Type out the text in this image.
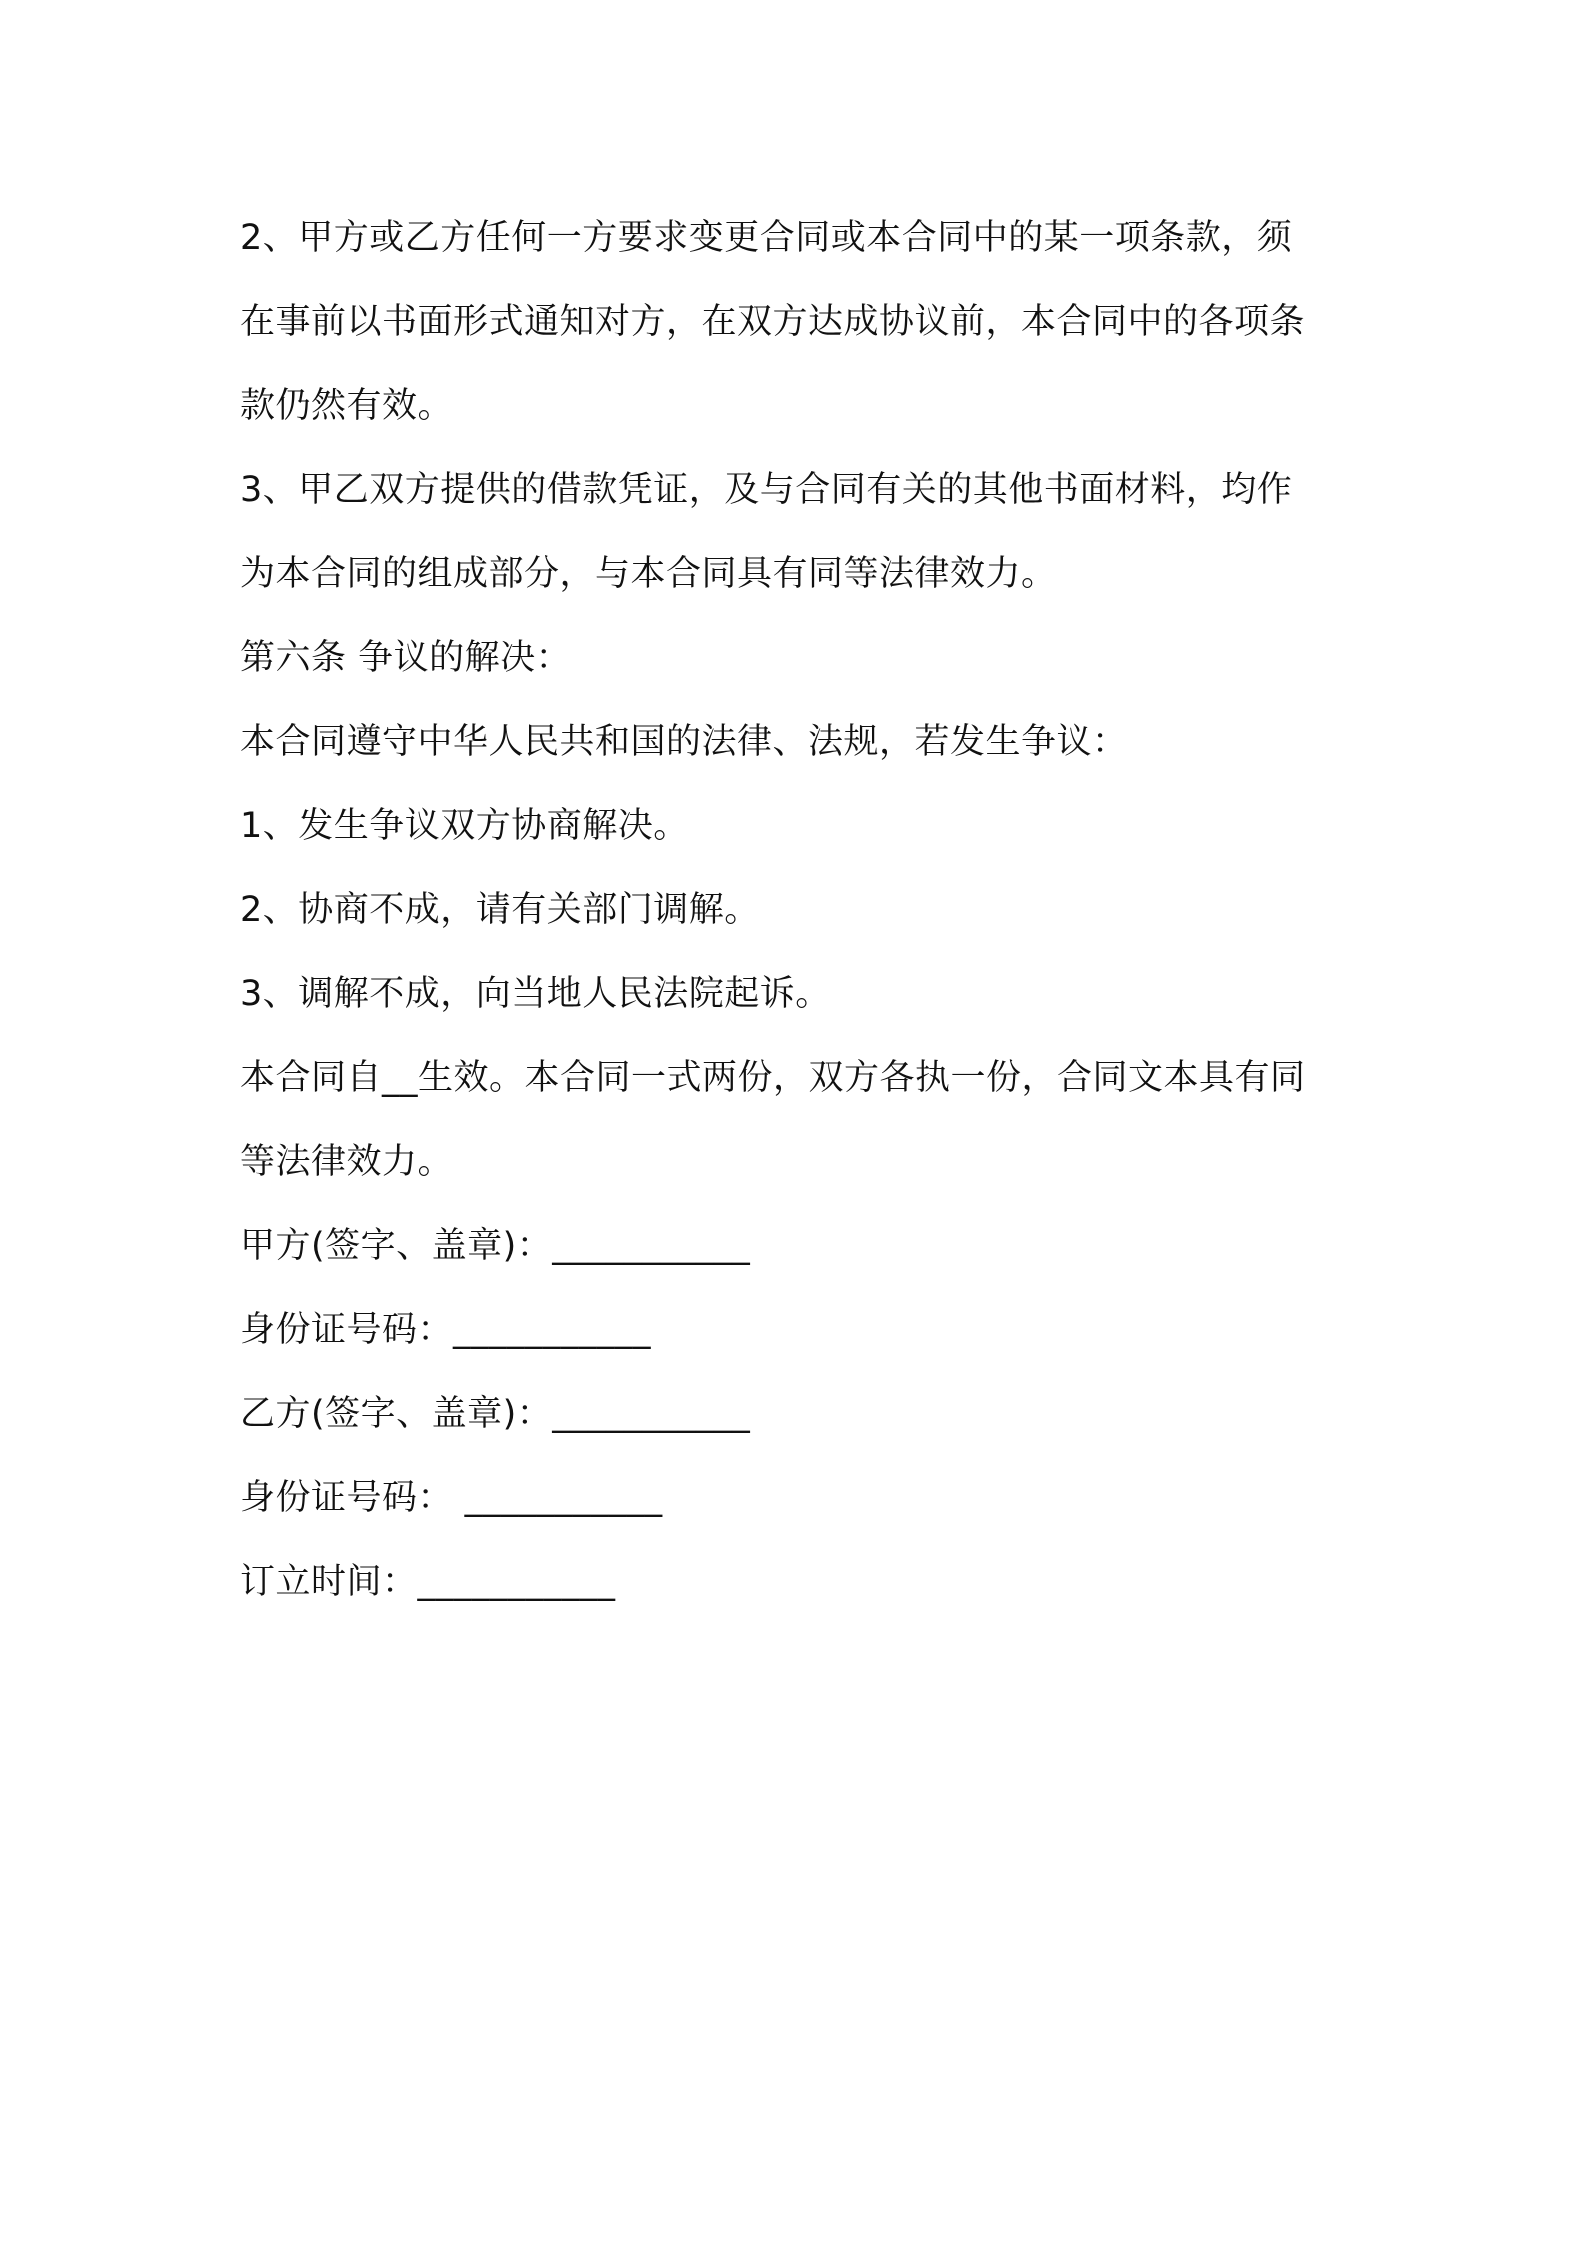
2、甲方或乙方任何一方要求变更合同或本合同中的某一项条款，须
在事前以书面形式通知对方，在双方达成协议前，本合同中的各项条
款仍然有效。
3、甲乙双方提供的借款凭证，及与合同有关的其他书面材料，均作
为本合同的组成部分，与本合同具有同等法律效力。
第六条 争议的解决：
本合同遵守中华人民共和国的法律、法规，若发生争议：
1、发生争议双方协商解决。
2、协商不成，请有关部门调解。
3、调解不成，向当地人民法院起诉。
本合同自__生效。本合同一式两份，双方各执一份，合同文本具有同
等法律效力。
甲方(签字、盖章)：___________
身份证号码：___________
乙方(签字、盖章)：___________
身份证号码： ___________
订立时间：___________
